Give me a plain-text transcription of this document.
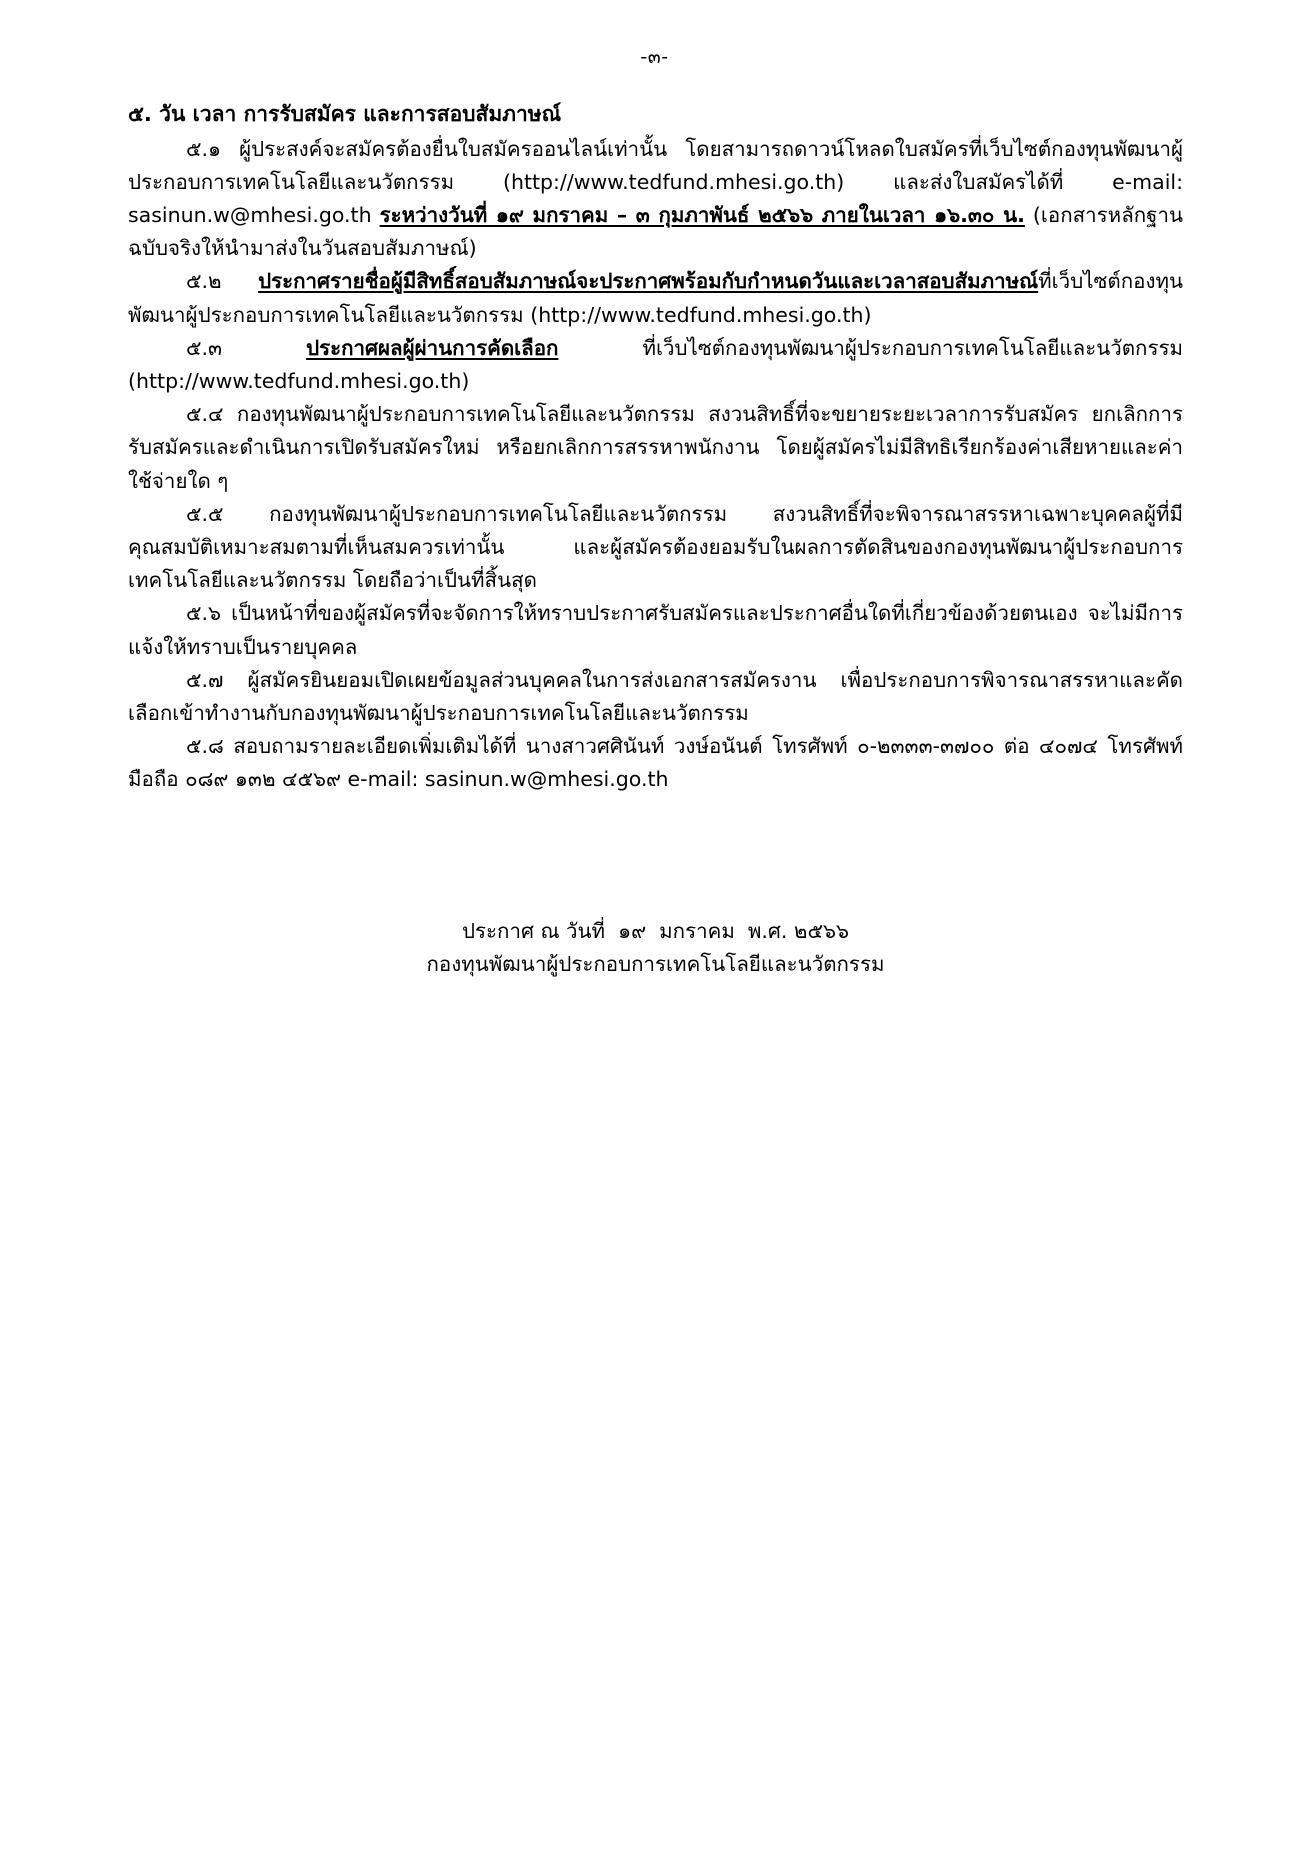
-๓-
๕. วัน เวลา การรับสมัคร และการสอบสัมภาษณ์

๕.๑ ผู้ประสงค์จะสมัครต้องยื่นใบสมัครออนไลน์เท่านั้น โดยสามารถดาวน์โหลดใบสมัครที่เว็บไซต์กองทุนพัฒนาผู้ประกอบการเทคโนโลยีและนวัตกรรม (http://www.tedfund.mhesi.go.th) และส่งใบสมัครได้ที่ e-mail: sasinun.w@mhesi.go.th ระหว่างวันที่ ๑๙ มกราคม – ๓ กุมภาพันธ์ ๒๕๖๖ ภายในเวลา ๑๖.๓๐ น. (เอกสารหลักฐานฉบับจริงให้นำมาส่งในวันสอบสัมภาษณ์)

๕.๒ ประกาศรายชื่อผู้มีสิทธิ์สอบสัมภาษณ์จะประกาศพร้อมกับกำหนดวันและเวลาสอบสัมภาษณ์ที่เว็บไซต์กองทุนพัฒนาผู้ประกอบการเทคโนโลยีและนวัตกรรม (http://www.tedfund.mhesi.go.th)

๕.๓ ประกาศผลผู้ผ่านการคัดเลือก ที่เว็บไซต์กองทุนพัฒนาผู้ประกอบการเทคโนโลยีและนวัตกรรม (http://www.tedfund.mhesi.go.th)

๕.๔ กองทุนพัฒนาผู้ประกอบการเทคโนโลยีและนวัตกรรม สงวนสิทธิ์ที่จะขยายระยะเวลาการรับสมัคร ยกเลิกการรับสมัครและดำเนินการเปิดรับสมัครใหม่ หรือยกเลิกการสรรหาพนักงาน โดยผู้สมัครไม่มีสิทธิเรียกร้องค่าเสียหายและค่าใช้จ่ายใด ๆ

๕.๕ กองทุนพัฒนาผู้ประกอบการเทคโนโลยีและนวัตกรรม สงวนสิทธิ์ที่จะพิจารณาสรรหาเฉพาะบุคคลผู้ที่มีคุณสมบัติเหมาะสมตามที่เห็นสมควรเท่านั้น และผู้สมัครต้องยอมรับในผลการตัดสินของกองทุนพัฒนาผู้ประกอบการเทคโนโลยีและนวัตกรรม โดยถือว่าเป็นที่สิ้นสุด

๕.๖ เป็นหน้าที่ของผู้สมัครที่จะจัดการให้ทราบประกาศรับสมัครและประกาศอื่นใดที่เกี่ยวข้องด้วยตนเอง จะไม่มีการแจ้งให้ทราบเป็นรายบุคคล

๕.๗ ผู้สมัครยินยอมเปิดเผยข้อมูลส่วนบุคคลในการส่งเอกสารสมัครงาน เพื่อประกอบการพิจารณาสรรหาและคัดเลือกเข้าทำงานกับกองทุนพัฒนาผู้ประกอบการเทคโนโลยีและนวัตกรรม

๕.๘ สอบถามรายละเอียดเพิ่มเติมได้ที่ นางสาวศศินันท์ วงษ์อนันต์ โทรศัพท์ ๐-๒๓๓๓-๓๗๐๐ ต่อ ๔๐๗๔ โทรศัพท์มือถือ ๐๘๙ ๑๓๒ ๔๕๖๙ e-mail: sasinun.w@mhesi.go.th

ประกาศ ณ วันที่  ๑๙  มกราคม  พ.ศ. ๒๕๖๖
กองทุนพัฒนาผู้ประกอบการเทคโนโลยีและนวัตกรรม
